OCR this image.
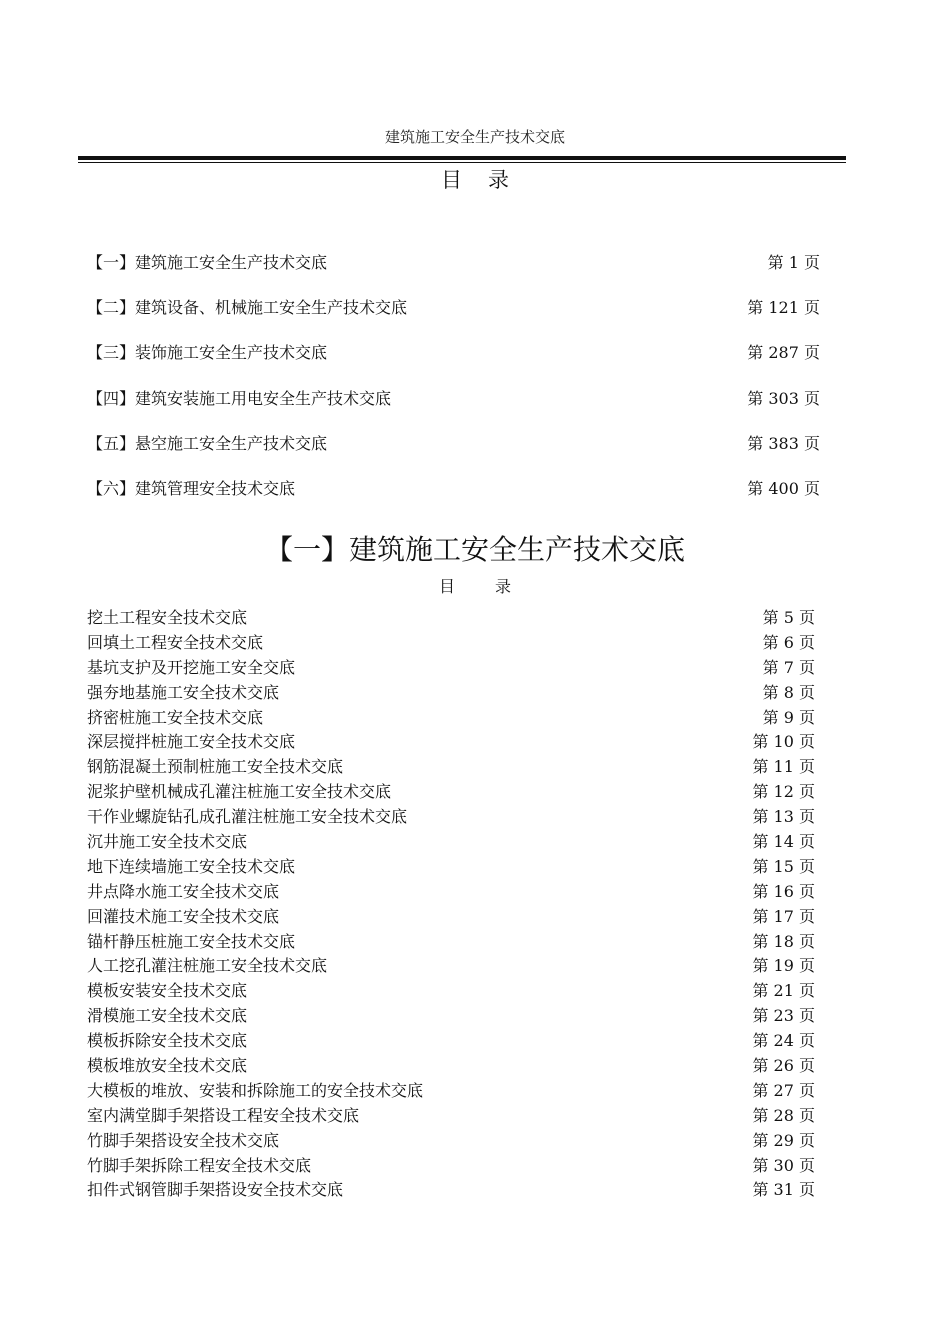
建筑施工安全生产技术交底
目录
【一】建筑施工安全生产技术交底	第 1 页
【二】建筑设备、机械施工安全生产技术交底	第 121 页
【三】装饰施工安全生产技术交底	第 287 页
【四】建筑安装施工用电安全生产技术交底	第 303 页
【五】悬空施工安全生产技术交底	第 383 页
【六】建筑管理安全技术交底	第 400 页
【一】建筑施工安全生产技术交底
目录
挖土工程安全技术交底	第 5 页
回填土工程安全技术交底	第 6 页
基坑支护及开挖施工安全交底	第 7 页
强夯地基施工安全技术交底	第 8 页
挤密桩施工安全技术交底	第 9 页
深层搅拌桩施工安全技术交底	第 10 页
钢筋混凝土预制桩施工安全技术交底	第 11 页
泥浆护壁机械成孔灌注桩施工安全技术交底	第 12 页
干作业螺旋钻孔成孔灌注桩施工安全技术交底	第 13 页
沉井施工安全技术交底	第 14 页
地下连续墙施工安全技术交底	第 15 页
井点降水施工安全技术交底	第 16 页
回灌技术施工安全技术交底	第 17 页
锚杆静压桩施工安全技术交底	第 18 页
人工挖孔灌注桩施工安全技术交底	第 19 页
模板安装安全技术交底	第 21 页
滑模施工安全技术交底	第 23 页
模板拆除安全技术交底	第 24 页
模板堆放安全技术交底	第 26 页
大模板的堆放、安装和拆除施工的安全技术交底	第 27 页
室内满堂脚手架搭设工程安全技术交底	第 28 页
竹脚手架搭设安全技术交底	第 29 页
竹脚手架拆除工程安全技术交底	第 30 页
扣件式钢管脚手架搭设安全技术交底	第 31 页
